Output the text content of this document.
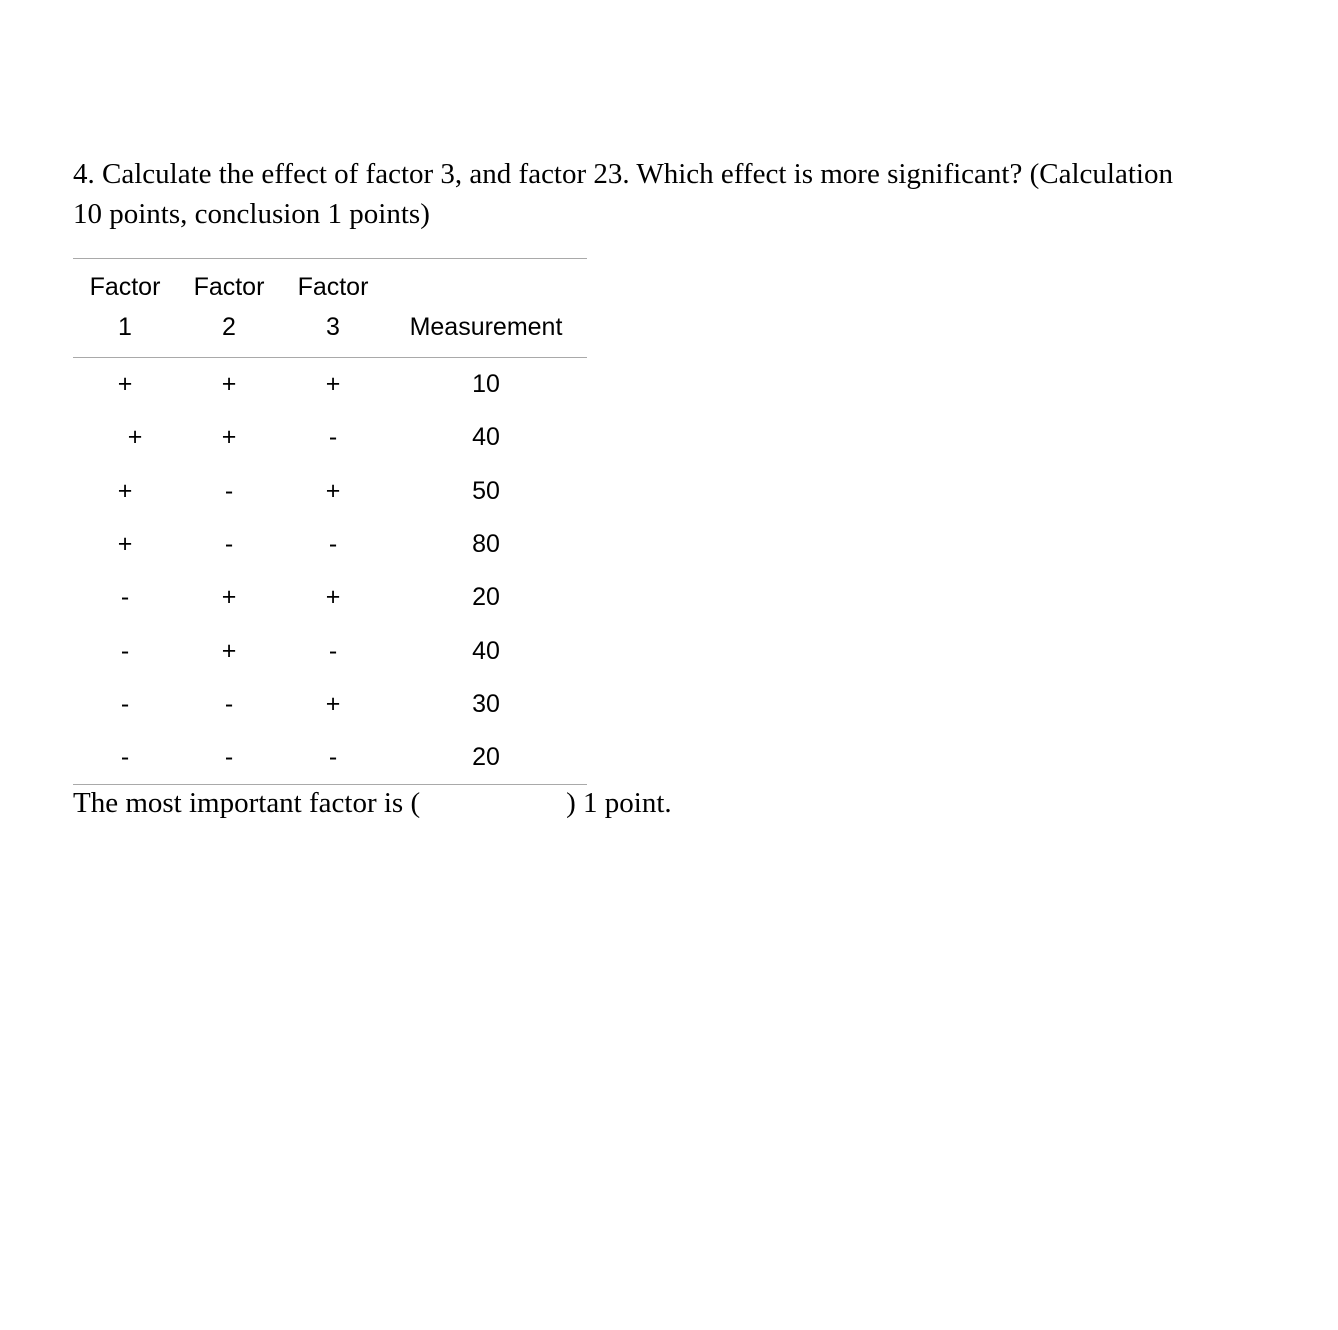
4. Calculate the effect of factor 3, and factor 23. Which effect is more significant? (Calculation
10 points, conclusion 1 points)
Factor	Factor	Factor	
1	2	3	Measurement
+	+	+	10
+	+	-	40
+	-	+	50
+	-	-	80
-	+	+	20
-	+	-	40
-	-	+	30
-	-	-	20
The most important factor is (	) 1 point.
